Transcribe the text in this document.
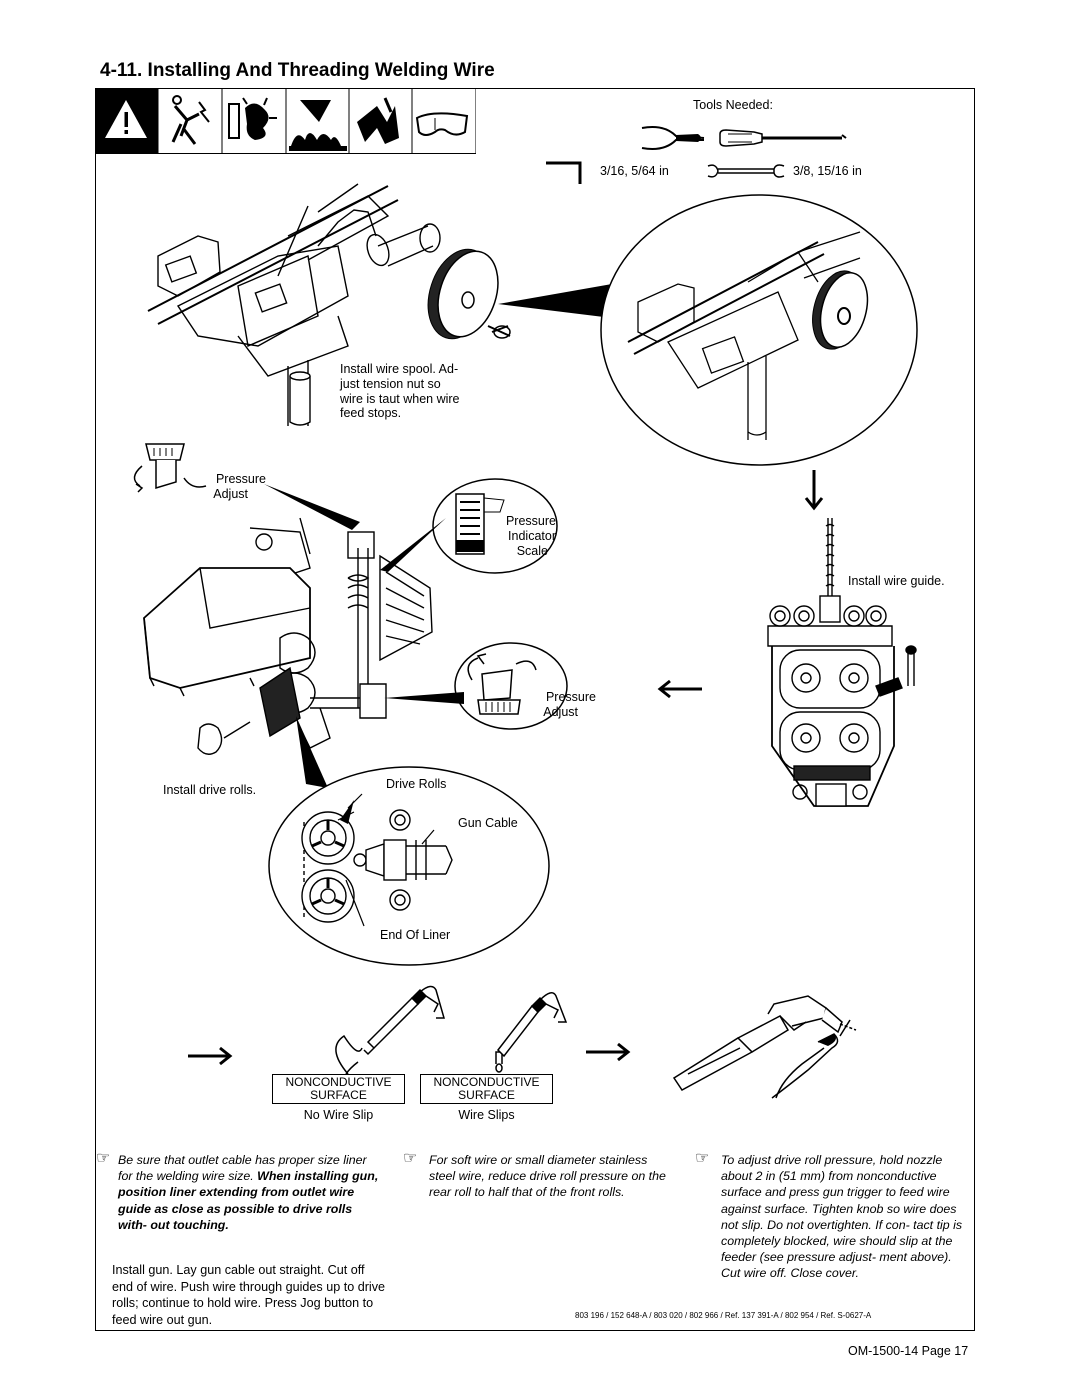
4-11. Installing And Threading Welding Wire
Tools Needed:
3/16, 5/64 in	3/8, 15/16 in
Install wire spool. Ad-
just tension nut so
wire is taut when wire
feed stops.
Pressure
Adjust
Pressure
Indicator
Scale
Pressure
Adjust
Install wire guide.
Install drive rolls.	Drive Rolls
Gun Cable
End Of Liner
NONCONDUCTIVE
SURFACE
No Wire Slip
NONCONDUCTIVE
SURFACE
Wire Slips
☞ Be sure that outlet cable has proper size liner for the welding wire size. When installing gun, position liner extending from outlet wire guide as close as possible to drive rolls with- out touching.
☞ For soft wire or small diameter stainless steel wire, reduce drive roll pressure on the rear roll to half that of the front rolls.
☞ To adjust drive roll pressure, hold nozzle about 2 in (51 mm) from nonconductive surface and press gun trigger to feed wire against surface. Tighten knob so wire does not slip. Do not overtighten. If con- tact tip is completely blocked, wire should slip at the feeder (see pressure adjust- ment above). Cut wire off. Close cover.
Install gun. Lay gun cable out straight. Cut off end of wire. Push wire through guides up to drive rolls; continue to hold wire. Press Jog button to feed wire out gun.	803 196 / 152 648-A / 803 020 / 802 966 / Ref. 137 391-A / 802 954 / Ref. S-0627-A
OM-1500-14 Page 17
